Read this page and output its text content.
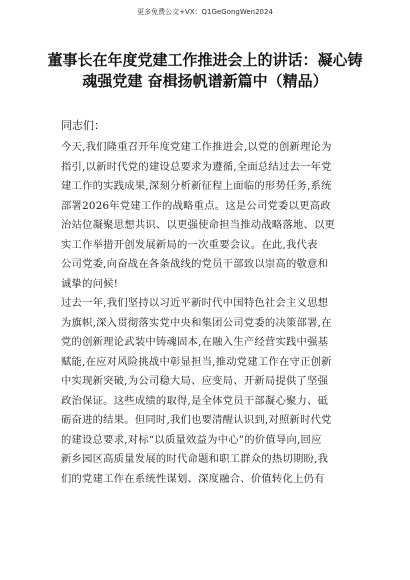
更多免费公文+VX：Q1GeGongWen2024
董事长在年度党建工作推进会上的讲话：凝心铸魂强党建 奋楫扬帆谱新篇中（精品）

同志们：

今天,我们隆重召开年度党建工作推进会,以党的创新理论为
指引,以新时代党的建设总要求为遵循,全面总结过去一年党
建工作的实践成果,深刻分析新征程上面临的形势任务,系统
部署2026年党建工作的战略重点。这是公司党委以更高政
治站位凝聚思想共识、以更强使命担当推动战略落地、以更
实工作举措开创发展新局的一次重要会议。在此,我代表
公司党委,向奋战在各条战线的党员干部致以崇高的敬意和
诚挚的问候!
过去一年,我们坚持以习近平新时代中国特色社会主义思想
为旗帜,深入贯彻落实党中央和集团公司党委的决策部署,在
党的创新理论武装中铸魂固本,在融入生产经营实践中强基
赋能,在应对风险挑战中彰显担当,推动党建工作在守正创新
中实现新突破,为公司稳大局、应变局、开新局提供了坚强
政治保证。这些成绩的取得,是全体党员干部凝心聚力、砥
砺奋进的结果。但同时,我们也要清醒认识到,对照新时代党
的建设总要求,对标“以质量效益为中心”的价值导向,回应
新乡园区高质量发展的时代命题和职工群众的热切期盼,我
们的党建工作在系统性谋划、深度融合、价值转化上仍有
